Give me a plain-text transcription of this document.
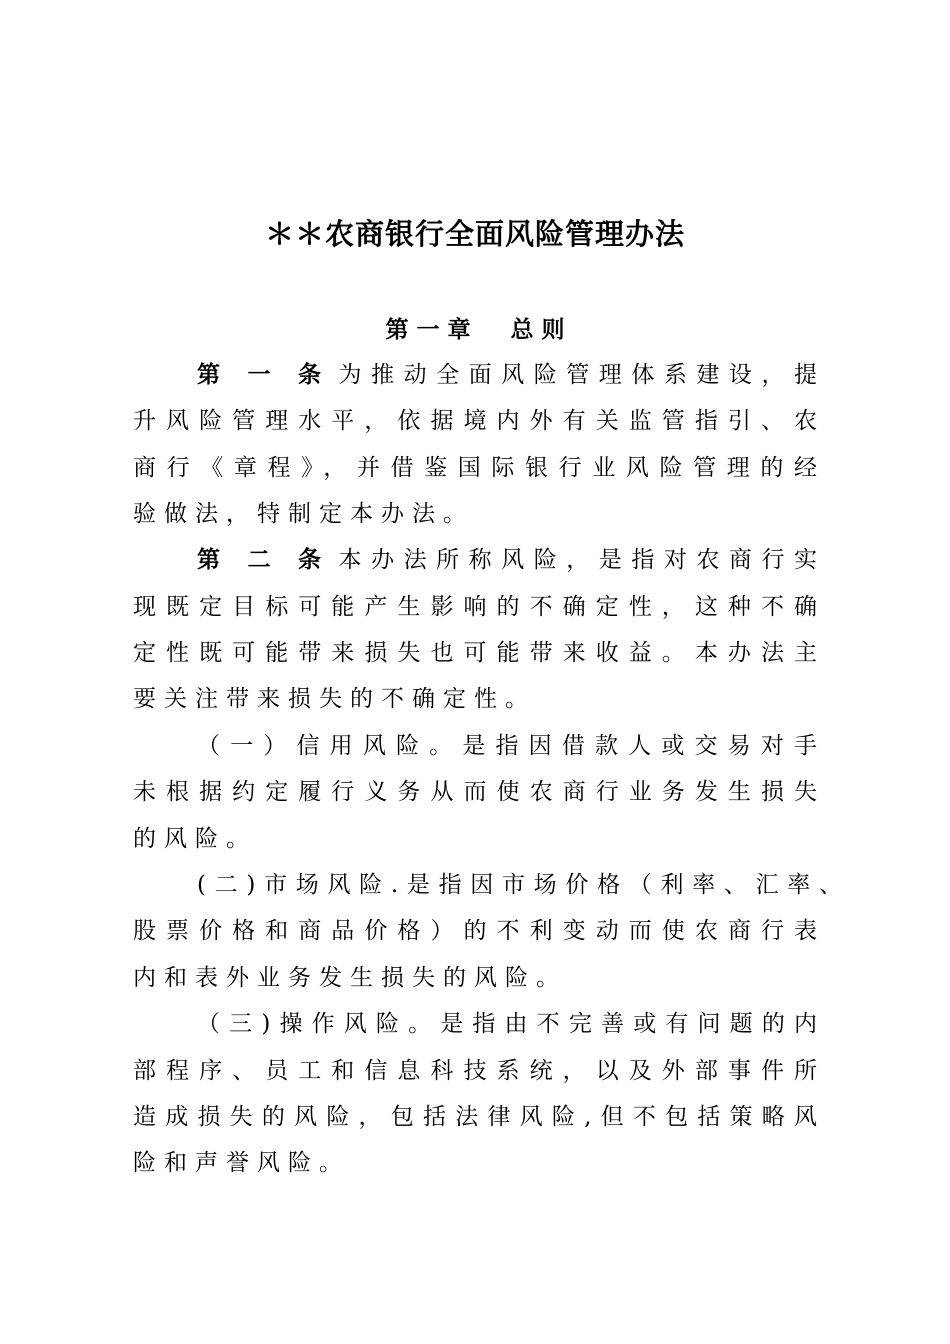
＊＊农商银行全面风险管理办法
第 一 章 总 则
第一条为推动全面风险管理体系建设，提
升风险管理水平，依据境内外有关监管指引、农
商行《章程》，并借鉴国际银行业风险管理的经
验做法，特制定本办法。
第二条本办法所称风险，是指对农商行实
现既定目标可能产生影响的不确定性，这种不确
定性既可能带来损失也可能带来收益。本办法主
要关注带来损失的不确定性。
（一）信用风险。是指因借款人或交易对手
未根据约定履行义务从而使农商行业务发生损失
的风险。
(二)市场风险.是指因市场价格（利率、汇率、
股票价格和商品价格）的不利变动而使农商行表
内和表外业务发生损失的风险。
（三)操作风险。是指由不完善或有问题的内
部程序、员工和信息科技系统，以及外部事件所
造成损失的风险，包括法律风险,但不包括策略风
险和声誉风险。
